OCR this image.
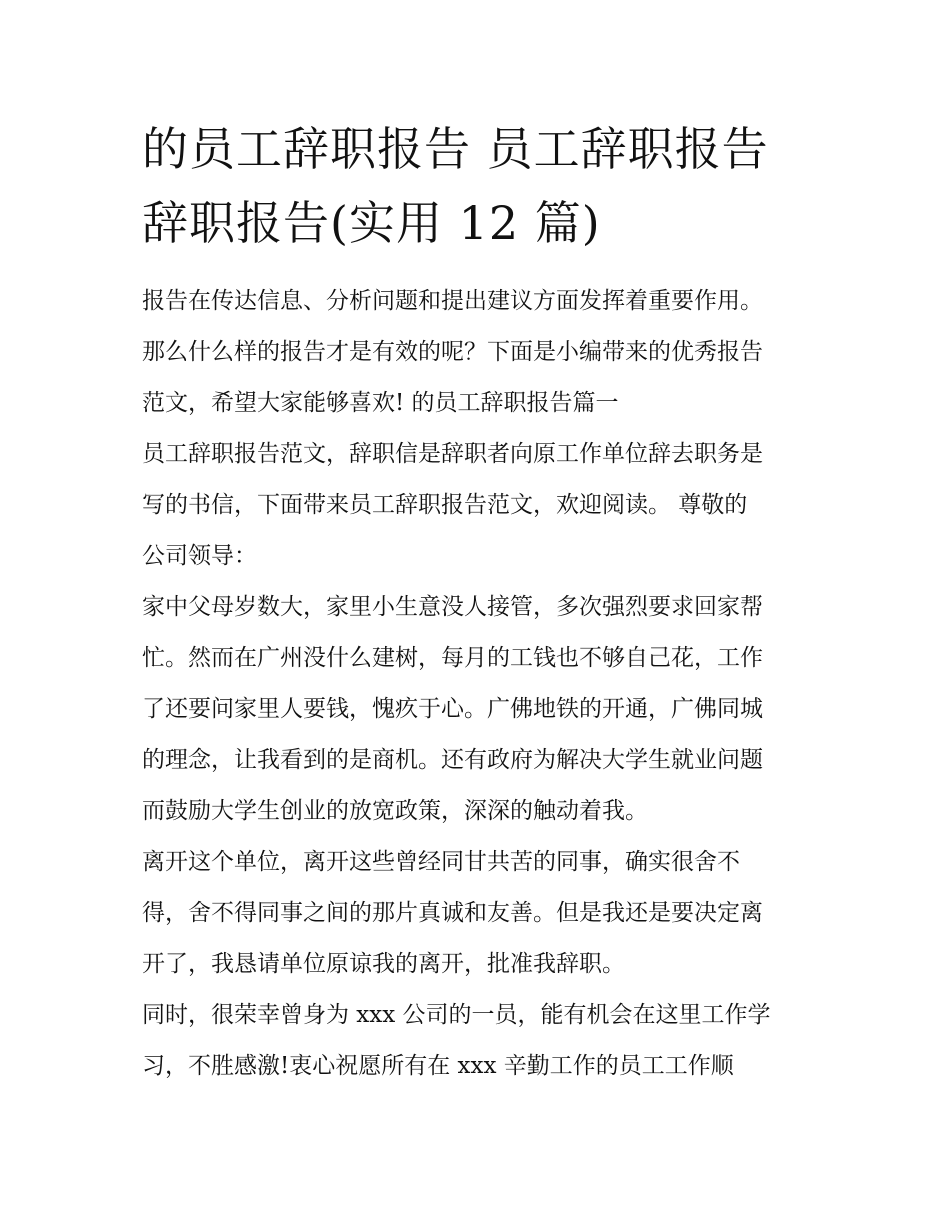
的员工辞职报告 员工辞职报告
辞职报告(实用 12 篇)

报告在传达信息、分析问题和提出建议方面发挥着重要作用。
那么什么样的报告才是有效的呢？下面是小编带来的优秀报告
范文，希望大家能够喜欢! 的员工辞职报告篇一

员工辞职报告范文，辞职信是辞职者向原工作单位辞去职务是
写的书信，下面带来员工辞职报告范文，欢迎阅读。 尊敬的
公司领导：

家中父母岁数大，家里小生意没人接管，多次强烈要求回家帮
忙。然而在广州没什么建树，每月的工钱也不够自己花，工作
了还要问家里人要钱，愧疚于心。广佛地铁的开通，广佛同城
的理念，让我看到的是商机。还有政府为解决大学生就业问题
而鼓励大学生创业的放宽政策，深深的触动着我。

离开这个单位，离开这些曾经同甘共苦的同事，确实很舍不
得，舍不得同事之间的那片真诚和友善。但是我还是要决定离
开了，我恳请单位原谅我的离开，批准我辞职。

同时，很荣幸曾身为 xxx 公司的一员，能有机会在这里工作学
习，不胜感激!衷心祝愿所有在 xxx 辛勤工作的员工工作顺
